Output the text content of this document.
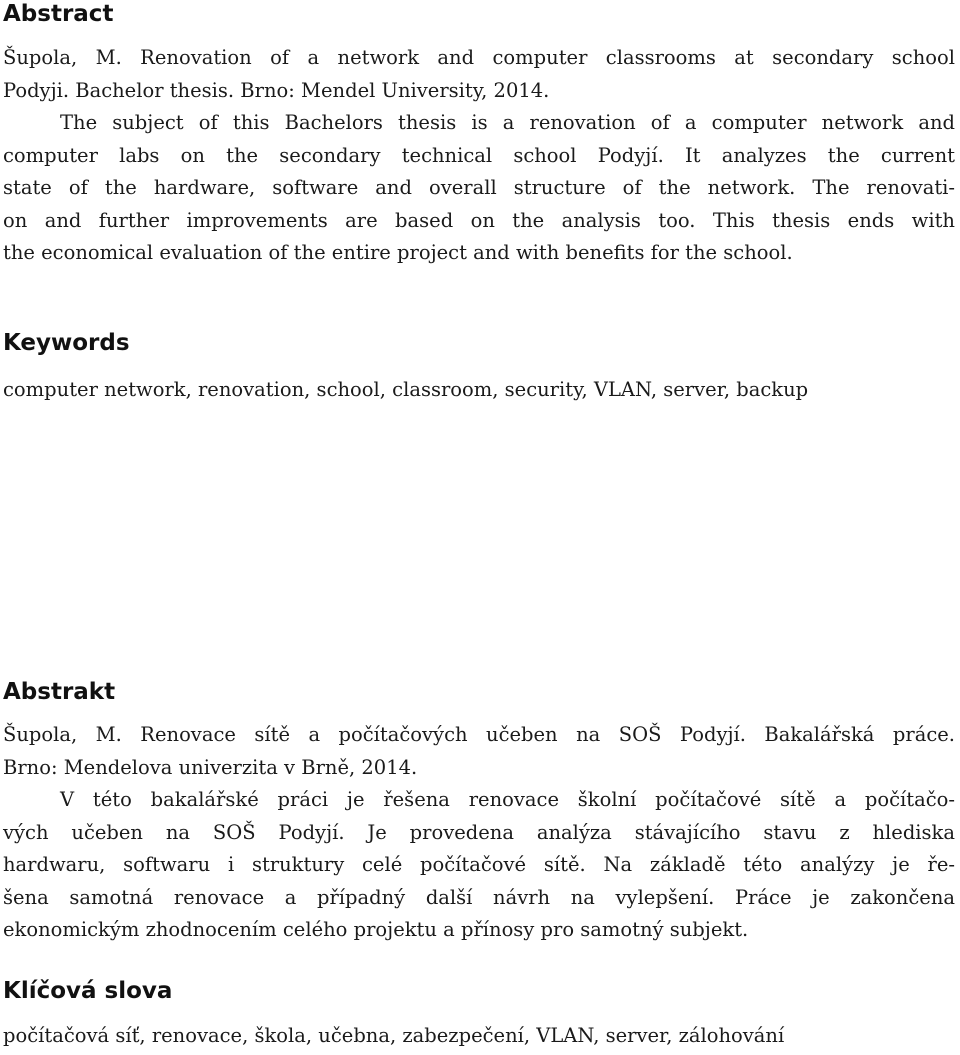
Abstract
Šupola, M. Renovation of a network and computer classrooms at secondary school
Podyji. Bachelor thesis. Brno: Mendel University, 2014.
The subject of this Bachelors thesis is a renovation of a computer network and
computer labs on the secondary technical school Podyjí. It analyzes the current
state of the hardware, software and overall structure of the network. The renovati-
on and further improvements are based on the analysis too. This thesis ends with
the economical evaluation of the entire project and with benefits for the school.
Keywords

computer network, renovation, school, classroom, security, VLAN, server, backup

Abstrakt
Šupola, M. Renovace sítě a počítačových učeben na SOŠ Podyjí. Bakalářská práce.
Brno: Mendelova univerzita v Brně, 2014.
V této bakalářské práci je řešena renovace školní počítačové sítě a počítačo-
vých učeben na SOŠ Podyjí. Je provedena analýza stávajícího stavu z hlediska
hardwaru, softwaru i struktury celé počítačové sítě. Na základě této analýzy je ře-
šena samotná renovace a případný další návrh na vylepšení. Práce je zakončena
ekonomickým zhodnocením celého projektu a přínosy pro samotný subjekt.
Klíčová slova

počítačová síť, renovace, škola, učebna, zabezpečení, VLAN, server, zálohování
